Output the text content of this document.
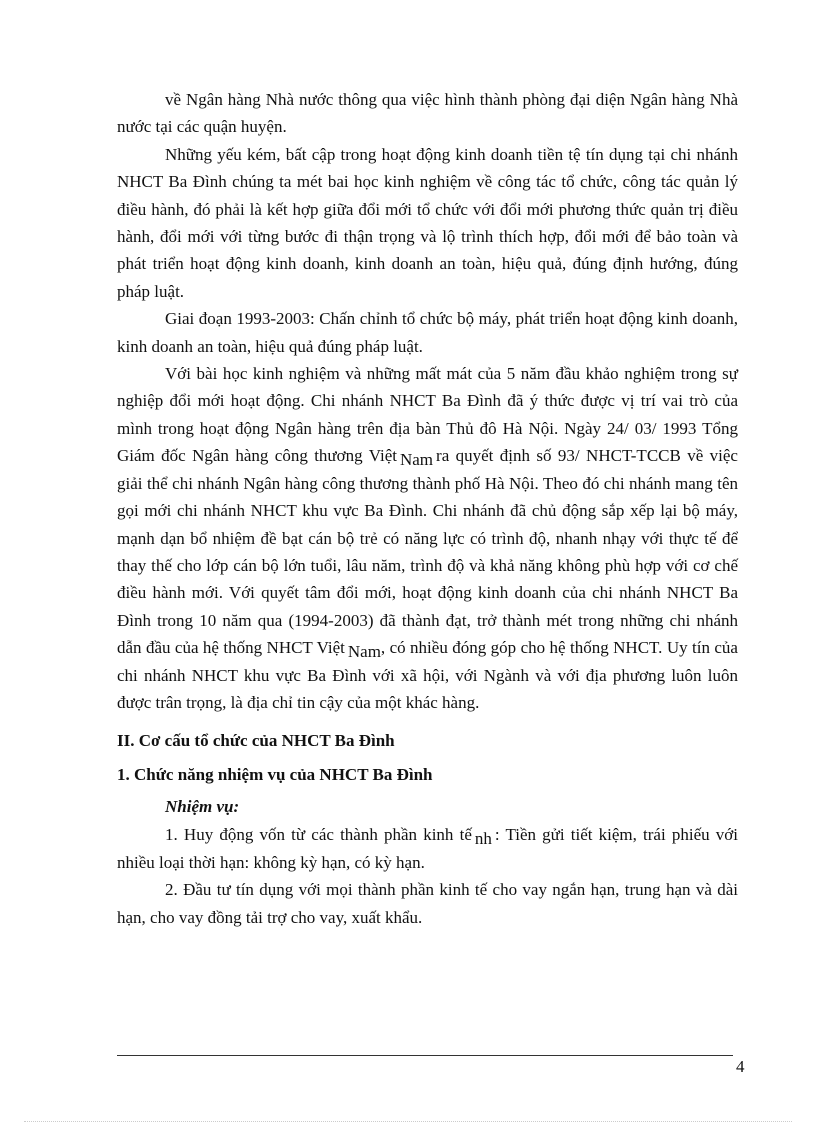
về Ngân hàng Nhà nước thông qua việc hình thành phòng đại diện Ngân hàng Nhà nước tại các quận huyện.

Những yếu kém, bất cập trong hoạt động kinh doanh tiền tệ tín dụng tại chi nhánh NHCT Ba Đình chúng ta mét bai học kinh nghiệm về công tác tổ chức, công tác quản lý điều hành, đó phải là kết hợp giữa đổi mới tổ chức với đổi mới phương thức quản trị điều hành, đổi mới với từng bước đi thận trọng và lộ trình thích hợp, đổi mới để bảo toàn và phát triển hoạt động kinh doanh, kinh doanh an toàn, hiệu quả, đúng định hướng, đúng pháp luật.

Giai đoạn 1993-2003: Chấn chỉnh tổ chức bộ máy, phát triển hoạt động kinh doanh, kinh doanh an toàn, hiệu quả đúng pháp luật.

Với bài học kinh nghiệm và những mất mát của 5 năm đầu khảo nghiệm trong sự nghiệp đổi mới hoạt động. Chi nhánh NHCT Ba Đình đã ý thức được vị trí vai trò của mình trong hoạt động Ngân hàng trên địa bàn Thủ đô Hà Nội. Ngày 24/ 03/ 1993 Tổng Giám đốc Ngân hàng công thương Việt Nam ra quyết định số 93/ NHCT-TCCB về việc giải thể chi nhánh Ngân hàng công thương thành phố Hà Nội. Theo đó chi nhánh mang tên gọi mới chi nhánh NHCT khu vực Ba Đình. Chi nhánh đã chủ động sắp xếp lại bộ máy, mạnh dạn bổ nhiệm đề bạt cán bộ trẻ có năng lực có trình độ, nhanh nhạy với thực tế để thay thế cho lớp cán bộ lớn tuổi, lâu năm, trình độ và khả năng không phù hợp với cơ chế điều hành mới. Với quyết tâm đổi mới, hoạt động kinh doanh của chi nhánh NHCT Ba Đình trong 10 năm qua (1994-2003) đã thành đạt, trở thành mét trong những chi nhánh dẫn đầu của hệ thống NHCT Việt Nam, có nhiều đóng góp cho hệ thống NHCT. Uy tín của chi nhánh NHCT khu vực Ba Đình với xã hội, với Ngành và với địa phương luôn luôn được trân trọng, là địa chỉ tin cậy của một khác hàng.

II. Cơ cấu tổ chức của NHCT Ba Đình

1. Chức năng nhiệm vụ của NHCT Ba Đình

Nhiệm vụ:

1. Huy động vốn từ các thành phần kinh tế nh : Tiền gửi tiết kiệm, trái phiếu với nhiều loại thời hạn: không kỳ hạn, có kỳ hạn.

2. Đầu tư tín dụng với mọi thành phần kinh tế cho vay ngắn hạn, trung hạn và dài hạn, cho vay đồng tải trợ cho vay, xuất khẩu.

4
